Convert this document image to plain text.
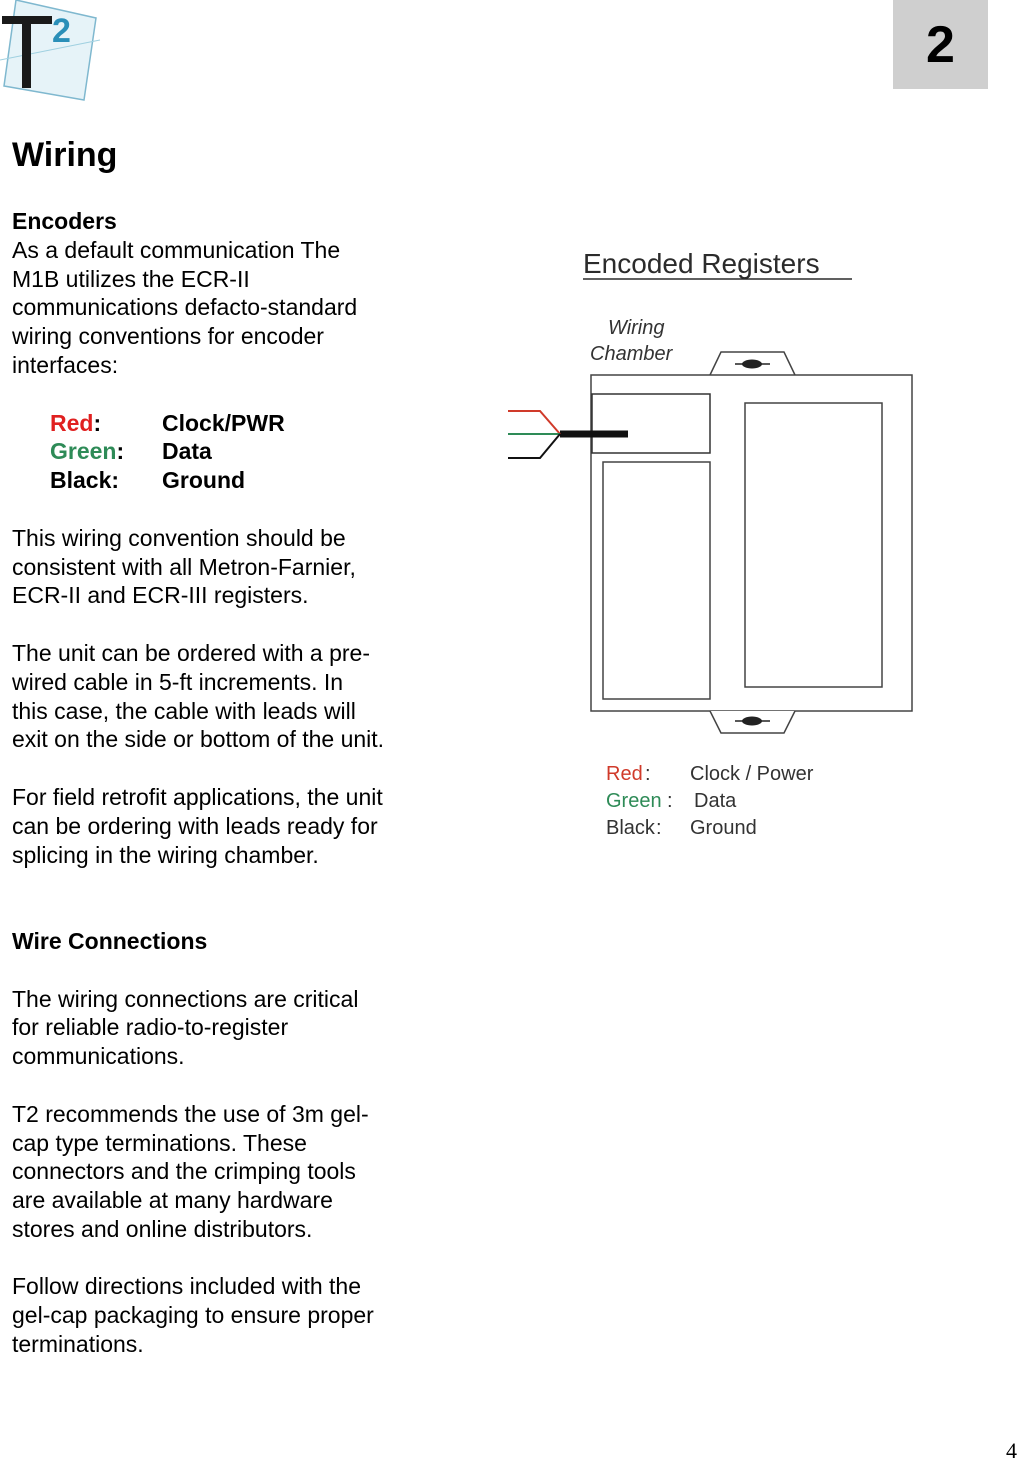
2	2
Wiring

Encoders

As a default communication The

M1B utilizes the ECR-II

communications defacto-standard

wiring conventions for encoder

interfaces:

Red:	Clock/PWR
Green:	Data
Black:	Ground

This wiring convention should be

consistent with all Metron-Farnier,

ECR-II and ECR-III registers.

The unit can be ordered with a pre-

wired cable in 5-ft increments. In

this case, the cable with leads will

exit on the side or bottom of the unit.

For field retrofit applications, the unit

can be ordering with leads ready for

splicing in the wiring chamber.

Wire Connections

The wiring connections are critical

for reliable radio-to-register

communications.

T2 recommends the use of 3m gel-

cap type terminations. These

connectors and the crimping tools

are available at many hardware

stores and online distributors.

Follow directions included with the

gel-cap packaging to ensure proper

terminations.

Encoded Registers
Wiring
Chamber
Red : Clock / Power
Green : Data
Black : Ground
4
